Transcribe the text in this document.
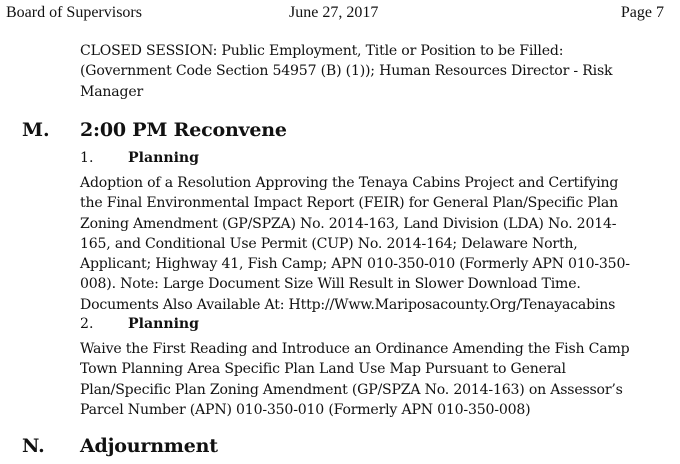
Board of Supervisors	June 27, 2017	Page 7

CLOSED SESSION: Public Employment, Title or Position to be Filled:
(Government Code Section 54957 (B) (1)); Human Resources Director - Risk
Manager

M. 2:00 PM Reconvene
1. Planning

Adoption of a Resolution Approving the Tenaya Cabins Project and Certifying
the Final Environmental Impact Report (FEIR) for General Plan/Specific Plan
Zoning Amendment (GP/SPZA) No. 2014-163, Land Division (LDA) No. 2014-
165, and Conditional Use Permit (CUP) No. 2014-164; Delaware North,
Applicant; Highway 41, Fish Camp; APN 010-350-010 (Formerly APN 010-350-
008). Note: Large Document Size Will Result in Slower Download Time.
Documents Also Available At: Http://Www.Mariposacounty.Org/Tenayacabins

2. Planning

Waive the First Reading and Introduce an Ordinance Amending the Fish Camp
Town Planning Area Specific Plan Land Use Map Pursuant to General
Plan/Specific Plan Zoning Amendment (GP/SPZA No. 2014-163) on Assessor’s
Parcel Number (APN) 010-350-010 (Formerly APN 010-350-008)

N. Adjournment
